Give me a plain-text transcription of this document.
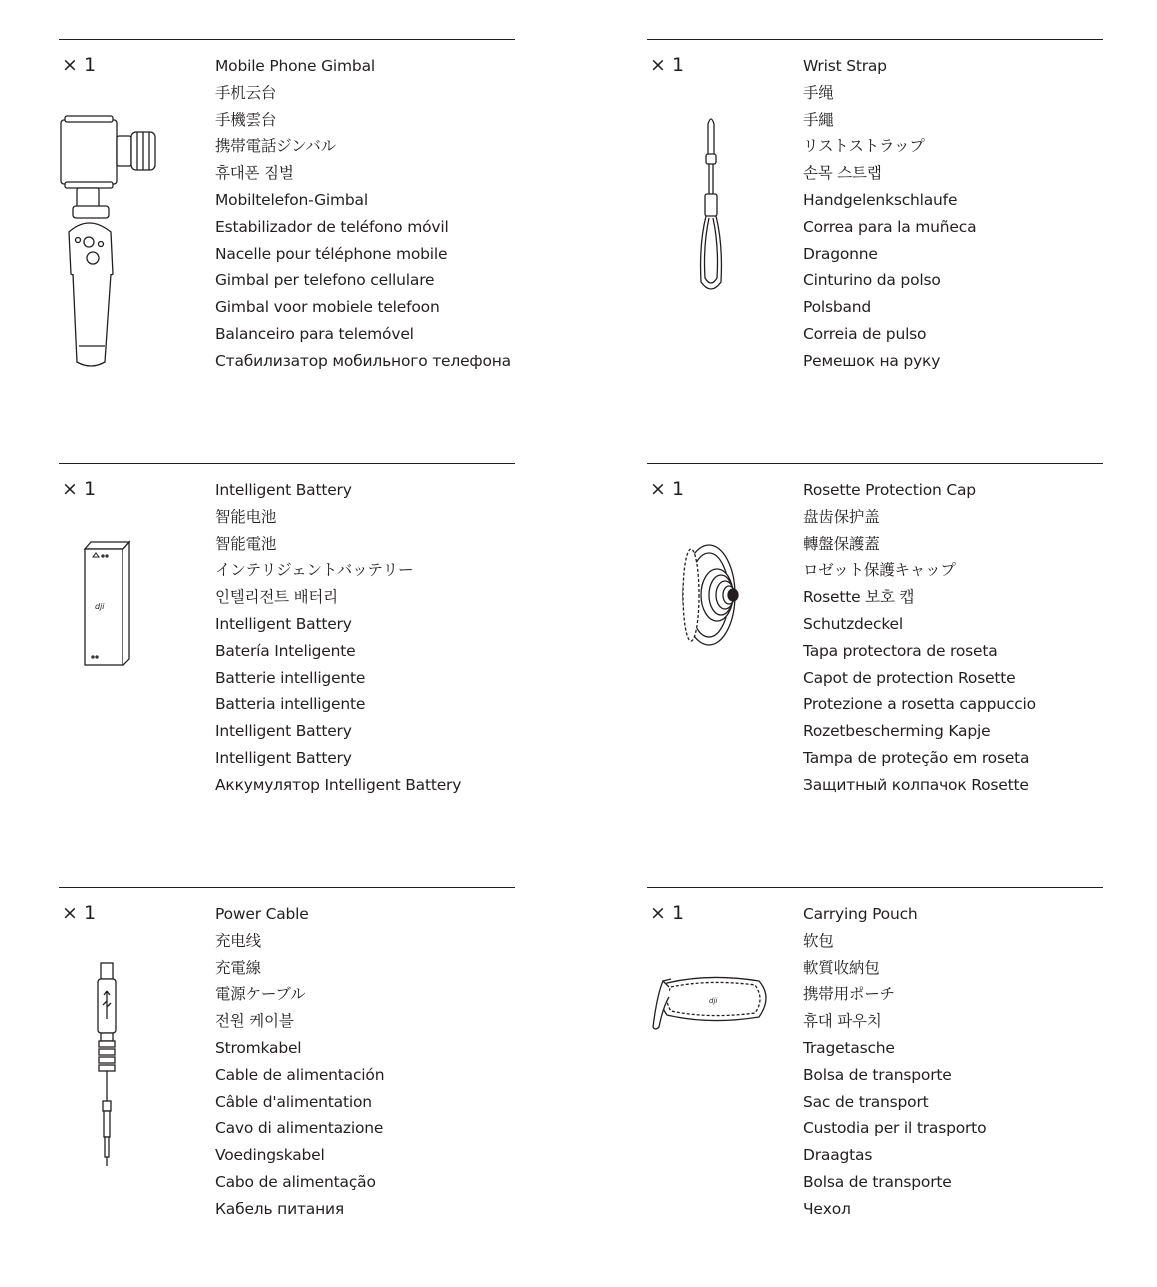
× 1	Mobile Phone Gimbal
手机云台
手機雲台
携帯電話ジンバル
휴대폰 짐벌
Mobiltelefon-Gimbal
Estabilizador de teléfono móvil
Nacelle pour téléphone mobile
Gimbal per telefono cellulare
Gimbal voor mobiele telefoon
Balanceiro para telemóvel
Стабилизатор мобильного телефона
× 1	Wrist Strap
手绳
手繩
リストストラップ
손목 스트랩
Handgelenkschlaufe
Correa para la muñeca
Dragonne
Cinturino da polso
Polsband
Correia de pulso
Ремешок на руку
× 1
dji
Intelligent Battery
智能电池
智能電池
インテリジェントバッテリー
인텔리전트 배터리
Intelligent Battery
Batería Inteligente
Batterie intelligente
Batteria intelligente
Intelligent Battery
Intelligent Battery
Аккумулятор Intelligent Battery
× 1	Rosette Protection Cap
盘齿保护盖
轉盤保護蓋
ロゼット保護キャップ
Rosette 보호 캡
Schutzdeckel
Tapa protectora de roseta
Capot de protection Rosette
Protezione a rosetta cappuccio
Rozetbescherming Kapje
Tampa de proteção em roseta
Защитный колпачок Rosette
× 1	Power Cable
充电线
充電線
電源ケーブル
전원 케이블
Stromkabel
Cable de alimentación
Câble d'alimentation
Cavo di alimentazione
Voedingskabel
Cabo de alimentação
Кабель питания
× 1
dji
Carrying Pouch
软包
軟質收納包
携帯用ポーチ
휴대 파우치
Tragetasche
Bolsa de transporte
Sac de transport
Custodia per il trasporto
Draagtas
Bolsa de transporte
Чехол
